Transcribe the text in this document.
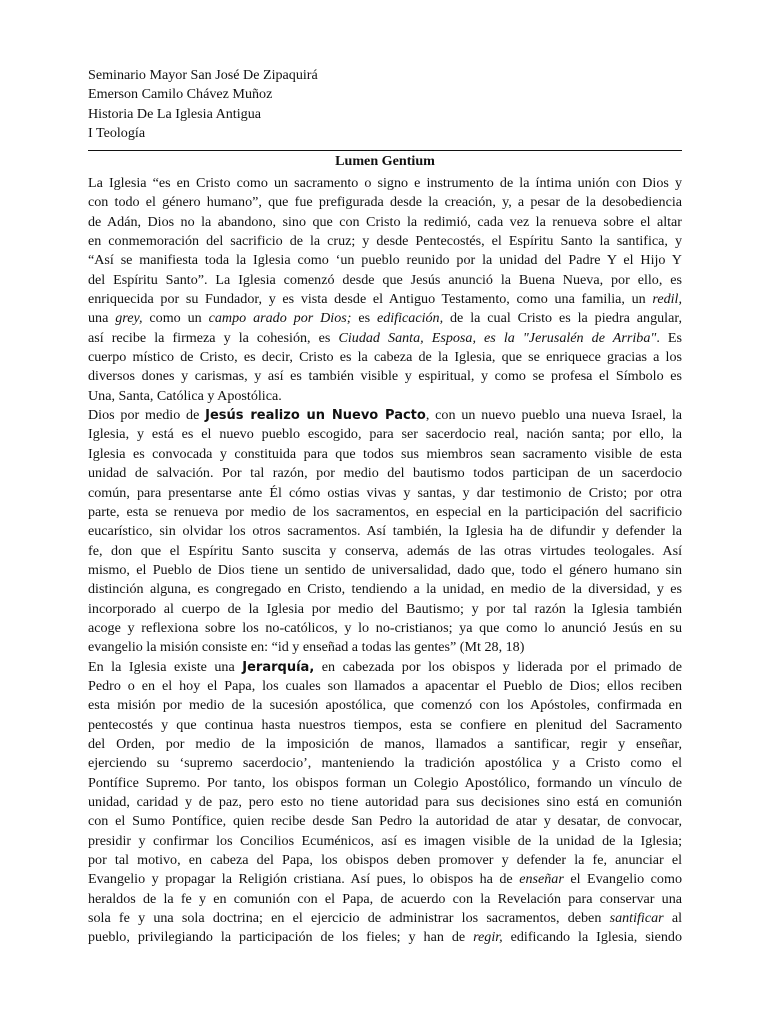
Seminario Mayor San José De Zipaquirá
Emerson Camilo Chávez Muñoz
Historia De La Iglesia Antigua
I Teología
Lumen Gentium
La Iglesia “es en Cristo como un sacramento o signo e instrumento de la íntima unión con Dios y
con todo el género humano”, que fue prefigurada desde la creación, y, a pesar de la desobediencia
de Adán, Dios no la abandono, sino que con Cristo la redimió, cada vez la renueva sobre el altar
en conmemoración del sacrificio de la cruz; y desde Pentecostés, el Espíritu Santo la santifica, y
“Así se manifiesta toda la Iglesia como ‘un pueblo reunido por la unidad del Padre Y el Hijo Y
del Espíritu Santo”. La Iglesia comenzó desde que Jesús anunció la Buena Nueva, por ello, es
enriquecida por su Fundador, y es vista desde el Antiguo Testamento, como una familia, un redil,
una grey, como un campo arado por Dios; es edificación, de la cual Cristo es la piedra angular,
así recibe la firmeza y la cohesión, es Ciudad Santa, Esposa, es la "Jerusalén de Arriba". Es
cuerpo místico de Cristo, es decir, Cristo es la cabeza de la Iglesia, que se enriquece gracias a los
diversos dones y carismas, y así es también visible y espiritual, y como se profesa el Símbolo es
Una, Santa, Católica y Apostólica.
Dios por medio de Jesús realizo un Nuevo Pacto, con un nuevo pueblo una nueva Israel, la
Iglesia, y está es el nuevo pueblo escogido, para ser sacerdocio real, nación santa; por ello, la
Iglesia es convocada y constituida para que todos sus miembros sean sacramento visible de esta
unidad de salvación. Por tal razón, por medio del bautismo todos participan de un sacerdocio
común, para presentarse ante Él cómo ostias vivas y santas, y dar testimonio de Cristo; por otra
parte, esta se renueva por medio de los sacramentos, en especial en la participación del sacrificio
eucarístico, sin olvidar los otros sacramentos. Así también, la Iglesia ha de difundir y defender la
fe, don que el Espíritu Santo suscita y conserva, además de las otras virtudes teologales. Así
mismo, el Pueblo de Dios tiene un sentido de universalidad, dado que, todo el género humano sin
distinción alguna, es congregado en Cristo, tendiendo a la unidad, en medio de la diversidad, y es
incorporado al cuerpo de la Iglesia por medio del Bautismo; y por tal razón la Iglesia también
acoge y reflexiona sobre los no-católicos, y lo no-cristianos; ya que como lo anunció Jesús en su
evangelio la misión consiste en: “id y enseñad a todas las gentes” (Mt 28, 18)
En la Iglesia existe una Jerarquía, en cabezada por los obispos y liderada por el primado de
Pedro o en el hoy el Papa, los cuales son llamados a apacentar el Pueblo de Dios; ellos reciben
esta misión por medio de la sucesión apostólica, que comenzó con los Apóstoles, confirmada en
pentecostés y que continua hasta nuestros tiempos, esta se confiere en plenitud del Sacramento
del Orden, por medio de la imposición de manos, llamados a santificar, regir y enseñar,
ejerciendo su ‘supremo sacerdocio’, manteniendo la tradición apostólica y a Cristo como el
Pontífice Supremo. Por tanto, los obispos forman un Colegio Apostólico, formando un vínculo de
unidad, caridad y de paz, pero esto no tiene autoridad para sus decisiones sino está en comunión
con el Sumo Pontífice, quien recibe desde San Pedro la autoridad de atar y desatar, de convocar,
presidir y confirmar los Concilios Ecuménicos, así es imagen visible de la unidad de la Iglesia;
por tal motivo, en cabeza del Papa, los obispos deben promover y defender la fe, anunciar el
Evangelio y propagar la Religión cristiana. Así pues, lo obispos ha de enseñar el Evangelio como
heraldos de la fe y en comunión con el Papa, de acuerdo con la Revelación para conservar una
sola fe y una sola doctrina; en el ejercicio de administrar los sacramentos, deben santificar al
pueblo, privilegiando la participación de los fieles; y han de regir, edificando la Iglesia, siendo
